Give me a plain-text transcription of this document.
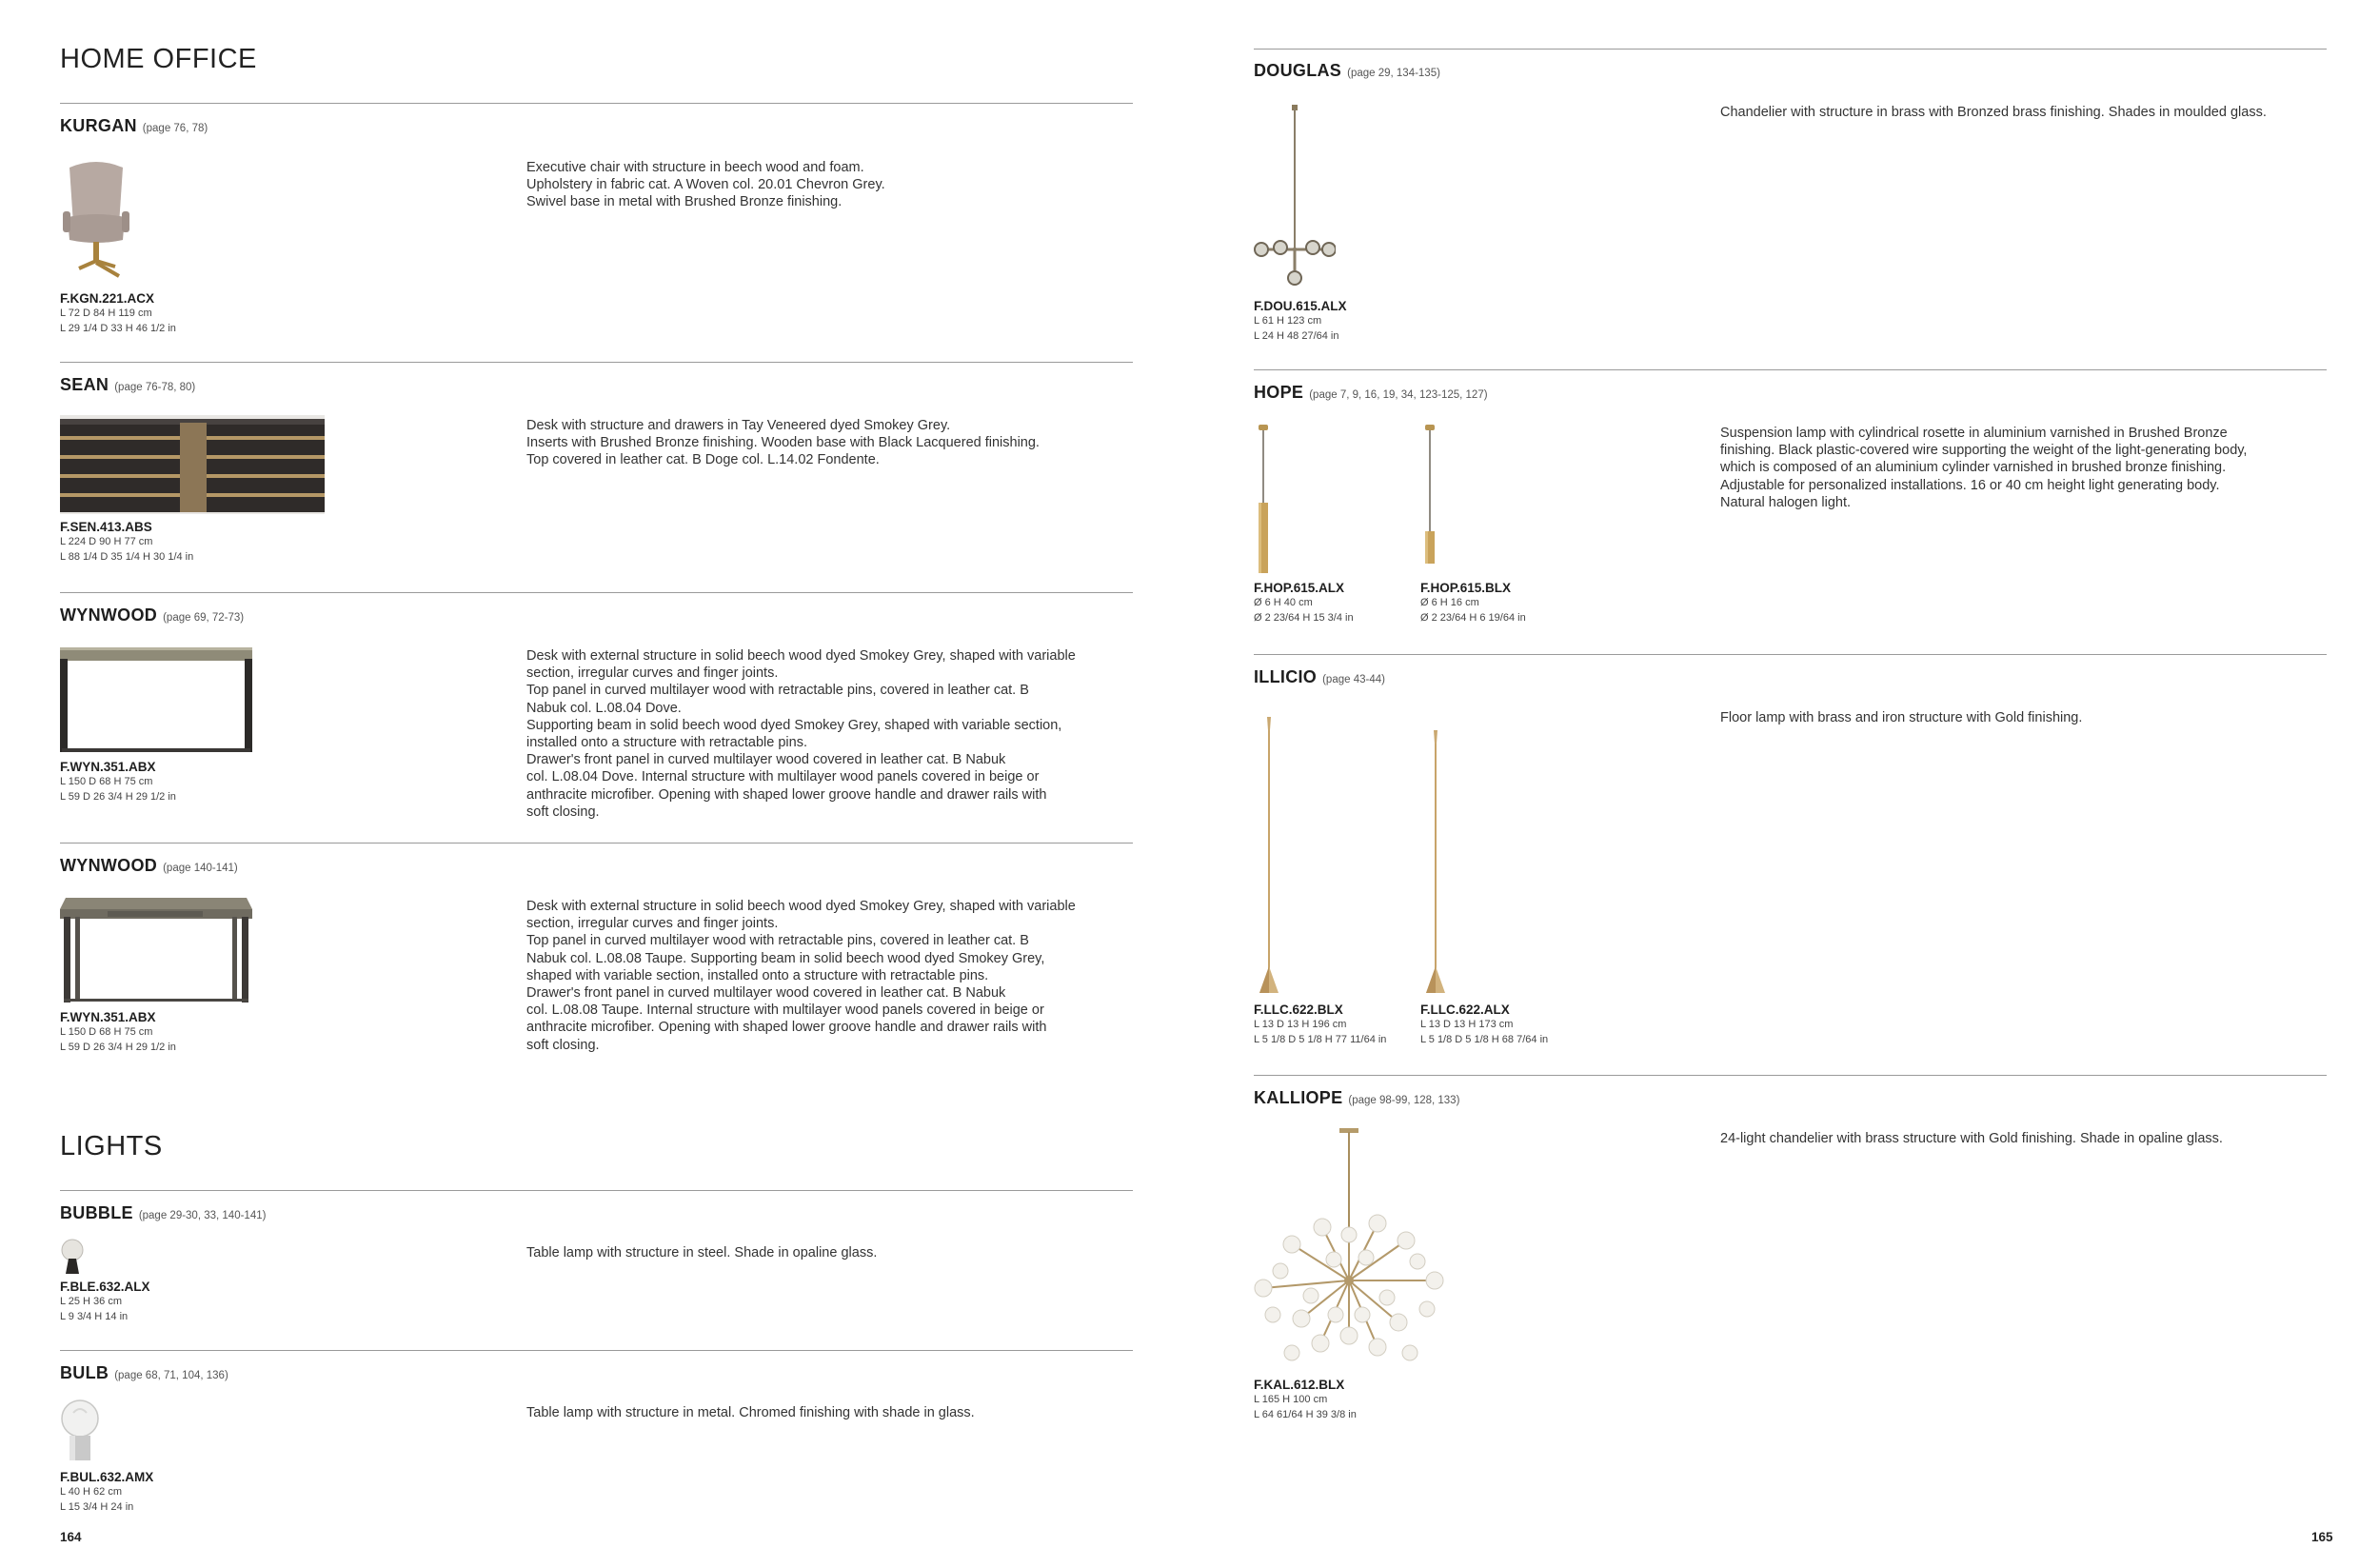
HOME OFFICE
KURGAN (page 76, 78)
F.KGN.221.ACX
L 72 D 84 H 119 cm
L 29 1/4 D 33 H 46 1/2 in

Executive chair with structure in beech wood and foam.
Upholstery in fabric cat. A Woven col. 20.01 Chevron Grey.
Swivel base in metal with Brushed Bronze finishing.

SEAN (page 76-78, 80)
F.SEN.413.ABS
L 224 D 90 H 77 cm
L 88 1/4 D 35 1/4 H 30 1/4 in

Desk with structure and drawers in Tay Veneered dyed Smokey Grey.
Inserts with Brushed Bronze finishing. Wooden base with Black Lacquered finishing.
Top covered in leather cat. B Doge col. L.14.02 Fondente.

WYNWOOD (page 69, 72-73)
F.WYN.351.ABX
L 150 D 68 H 75 cm
L 59 D 26 3/4 H 29 1/2 in

Desk with external structure in solid beech wood dyed Smokey Grey, shaped with variable
section, irregular curves and finger joints.
Top panel in curved multilayer wood with retractable pins, covered in leather cat. B
Nabuk col. L.08.04 Dove.
Supporting beam in solid beech wood dyed Smokey Grey, shaped with variable section,
installed onto a structure with retractable pins.
Drawer's front panel in curved multilayer wood covered in leather cat. B Nabuk
col. L.08.04 Dove. Internal structure with multilayer wood panels covered in beige or
anthracite microfiber. Opening with shaped lower groove handle and drawer rails with
soft closing.

WYNWOOD (page 140-141)
F.WYN.351.ABX
L 150 D 68 H 75 cm
L 59 D 26 3/4 H 29 1/2 in

Desk with external structure in solid beech wood dyed Smokey Grey, shaped with variable
section, irregular curves and finger joints.
Top panel in curved multilayer wood with retractable pins, covered in leather cat. B
Nabuk col. L.08.08 Taupe. Supporting beam in solid beech wood dyed Smokey Grey,
shaped with variable section, installed onto a structure with retractable pins.
Drawer's front panel in curved multilayer wood covered in leather cat. B Nabuk
col. L.08.08 Taupe. Internal structure with multilayer wood panels covered in beige or
anthracite microfiber. Opening with shaped lower groove handle and drawer rails with
soft closing.

LIGHTS
BUBBLE (page 29-30, 33, 140-141)
F.BLE.632.ALX
L 25 H 36 cm
L 9 3/4 H 14 in

Table lamp with structure in steel. Shade in opaline glass.

BULB (page 68, 71, 104, 136)
F.BUL.632.AMX
L 40 H 62 cm
L 15 3/4 H 24 in

Table lamp with structure in metal. Chromed finishing with shade in glass.

164
DOUGLAS (page 29, 134-135)
F.DOU.615.ALX
L 61 H 123 cm
L 24 H 48 27/64 in

Chandelier with structure in brass with Bronzed brass finishing. Shades in moulded glass.

HOPE (page 7, 9, 16, 19, 34, 123-125, 127)
F.HOP.615.ALX
Ø 6 H 40 cm
Ø 2 23/64 H 15 3/4 in
F.HOP.615.BLX
Ø 6 H 16 cm
Ø 2 23/64 H 6 19/64 in

Suspension lamp with cylindrical rosette in aluminium varnished in Brushed Bronze
finishing. Black plastic-covered wire supporting the weight of the light-generating body,
which is composed of an aluminium cylinder varnished in brushed bronze finishing.
Adjustable for personalized installations. 16 or 40 cm height light generating body.
Natural halogen light.

ILLICIO (page 43-44)
F.LLC.622.BLX
L 13 D 13 H 196 cm
L 5 1/8 D 5 1/8 H 77 11/64 in
F.LLC.622.ALX
L 13 D 13 H 173 cm
L 5 1/8 D 5 1/8 H 68 7/64 in

Floor lamp with brass and iron structure with Gold finishing.

KALLIOPE (page 98-99, 128, 133)
F.KAL.612.BLX
L 165 H 100 cm
L 64 61/64 H 39 3/8 in

24-light chandelier with brass structure with Gold finishing. Shade in opaline glass.

165
